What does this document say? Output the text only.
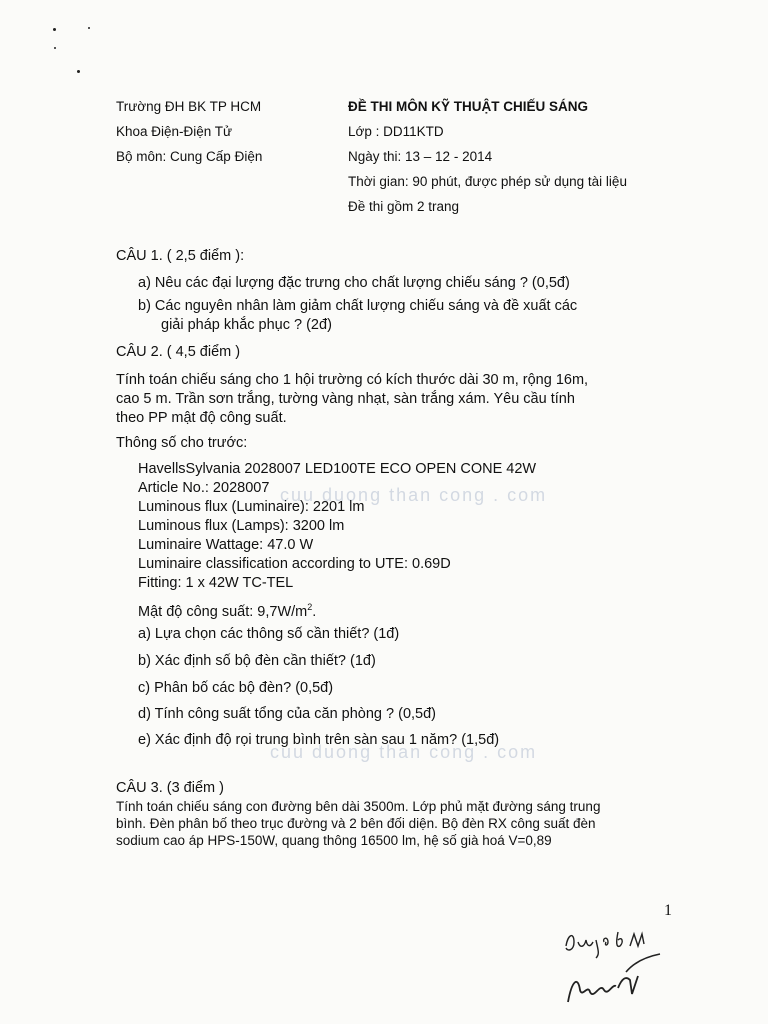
cuu duong than cong . com
cuu duong than cong . com
Trường ĐH BK TP HCM
Khoa Điện-Điện Tử
Bộ môn: Cung Cấp Điện
ĐỀ THI MÔN KỸ THUẬT CHIẾU SÁNG
Lớp : DD11KTD
Ngày thi: 13 – 12 - 2014
Thời gian: 90 phút, được phép sử dụng tài liệu
Đề thi gồm 2 trang
CÂU 1. ( 2,5 điểm ):
a) Nêu các đại lượng đặc trưng cho chất lượng chiếu sáng ? (0,5đ)
b) Các nguyên nhân làm giảm chất lượng chiếu sáng và đề xuất các
giải pháp khắc phục ? (2đ)
CÂU 2. ( 4,5 điểm )
Tính toán chiếu sáng cho 1 hội trường có kích thước dài 30 m, rộng 16m,
cao 5 m. Trần sơn trắng, tường vàng nhạt, sàn trắng xám. Yêu cầu tính
theo PP mật độ công suất.
Thông số cho trước:
HavellsSylvania 2028007 LED100TE ECO OPEN CONE 42W
Article No.: 2028007
Luminous flux (Luminaire): 2201 lm
Luminous flux (Lamps): 3200 lm
Luminaire Wattage: 47.0 W
Luminaire classification according to UTE: 0.69D
Fitting: 1 x 42W TC-TEL
Mật độ công suất: $9,7W/m^2$.
a) Lựa chọn các thông số cần thiết? (1đ)
b) Xác định số bộ đèn cần thiết? (1đ)
c) Phân bố các bộ đèn? (0,5đ)
d) Tính công suất tổng của căn phòng ? (0,5đ)
e) Xác định độ rọi trung bình trên sàn sau 1 năm? (1,5đ)
CÂU 3. (3 điểm )
Tính toán chiếu sáng con đường bên dài 3500m. Lớp phủ mặt đường sáng trung
bình. Đèn phân bố theo trục đường và 2 bên đối diện. Bộ đèn RX công suất đèn
sodium cao áp HPS-150W, quang thông 16500 lm, hệ số già hoá V=0,89
1
